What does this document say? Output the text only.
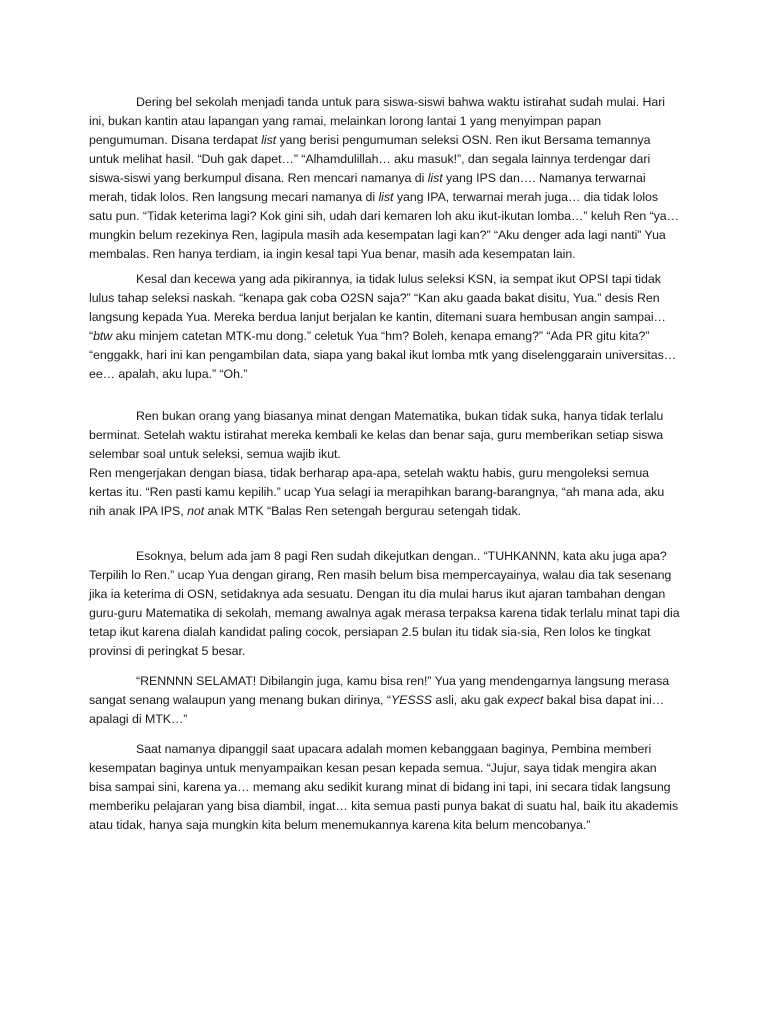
Dering bel sekolah menjadi tanda untuk para siswa-siswi bahwa waktu istirahat sudah mulai. Hari ini, bukan kantin atau lapangan yang ramai, melainkan lorong lantai 1 yang menyimpan papan pengumuman. Disana terdapat list yang berisi pengumuman seleksi OSN. Ren ikut Bersama temannya untuk melihat hasil. “Duh gak dapet…” “Alhamdulillah… aku masuk!”, dan segala lainnya terdengar dari siswa-siswi yang berkumpul disana. Ren mencari namanya di list yang IPS dan…. Namanya terwarnai merah, tidak lolos. Ren langsung mecari namanya di list yang IPA, terwarnai merah juga… dia tidak lolos satu pun. “Tidak keterima lagi? Kok gini sih, udah dari kemaren loh aku ikut-ikutan lomba…” keluh Ren “ya… mungkin belum rezekinya Ren, lagipula masih ada kesempatan lagi kan?” “Aku denger ada lagi nanti” Yua membalas. Ren hanya terdiam, ia ingin kesal tapi Yua benar, masih ada kesempatan lain.

Kesal dan kecewa yang ada pikirannya, ia tidak lulus seleksi KSN, ia sempat ikut OPSI tapi tidak lulus tahap seleksi naskah. “kenapa gak coba O2SN saja?” “Kan aku gaada bakat disitu, Yua.” desis Ren langsung kepada Yua. Mereka berdua lanjut berjalan ke kantin, ditemani suara hembusan angin sampai…

“btw aku minjem catetan MTK-mu dong.” celetuk Yua “hm? Boleh, kenapa emang?” “Ada PR gitu kita?” “enggakk, hari ini kan pengambilan data, siapa yang bakal ikut lomba mtk yang diselenggarain universitas…ee… apalah, aku lupa.” “Oh.”

Ren bukan orang yang biasanya minat dengan Matematika, bukan tidak suka, hanya tidak terlalu berminat. Setelah waktu istirahat mereka kembali ke kelas dan benar saja, guru memberikan setiap siswa selembar soal untuk seleksi, semua wajib ikut.

Ren mengerjakan dengan biasa, tidak berharap apa-apa, setelah waktu habis, guru mengoleksi semua kertas itu. “Ren pasti kamu kepilih.” ucap Yua selagi ia merapihkan barang-barangnya, “ah mana ada, aku nih anak IPA IPS, not anak MTK “Balas Ren setengah bergurau setengah tidak.

Esoknya, belum ada jam 8 pagi Ren sudah dikejutkan dengan.. “TUHKANNN, kata aku juga apa? Terpilih lo Ren.” ucap Yua dengan girang, Ren masih belum bisa mempercayainya, walau dia tak sesenang jika ia keterima di OSN, setidaknya ada sesuatu. Dengan itu dia mulai harus ikut ajaran tambahan dengan guru-guru Matematika di sekolah, memang awalnya agak merasa terpaksa karena tidak terlalu minat tapi dia tetap ikut karena dialah kandidat paling cocok, persiapan 2.5 bulan itu tidak sia-sia, Ren lolos ke tingkat provinsi di peringkat 5 besar.

“RENNNN SELAMAT! Dibilangin juga, kamu bisa ren!” Yua yang mendengarnya langsung merasa sangat senang walaupun yang menang bukan dirinya, “YESSS asli, aku gak expect bakal bisa dapat ini… apalagi di MTK…”

Saat namanya dipanggil saat upacara adalah momen kebanggaan baginya, Pembina memberi kesempatan baginya untuk menyampaikan kesan pesan kepada semua. “Jujur, saya tidak mengira akan bisa sampai sini, karena ya… memang aku sedikit kurang minat di bidang ini tapi, ini secara tidak langsung memberiku pelajaran yang bisa diambil, ingat… kita semua pasti punya bakat di suatu hal, baik itu akademis atau tidak, hanya saja mungkin kita belum menemukannya karena kita belum mencobanya.”
